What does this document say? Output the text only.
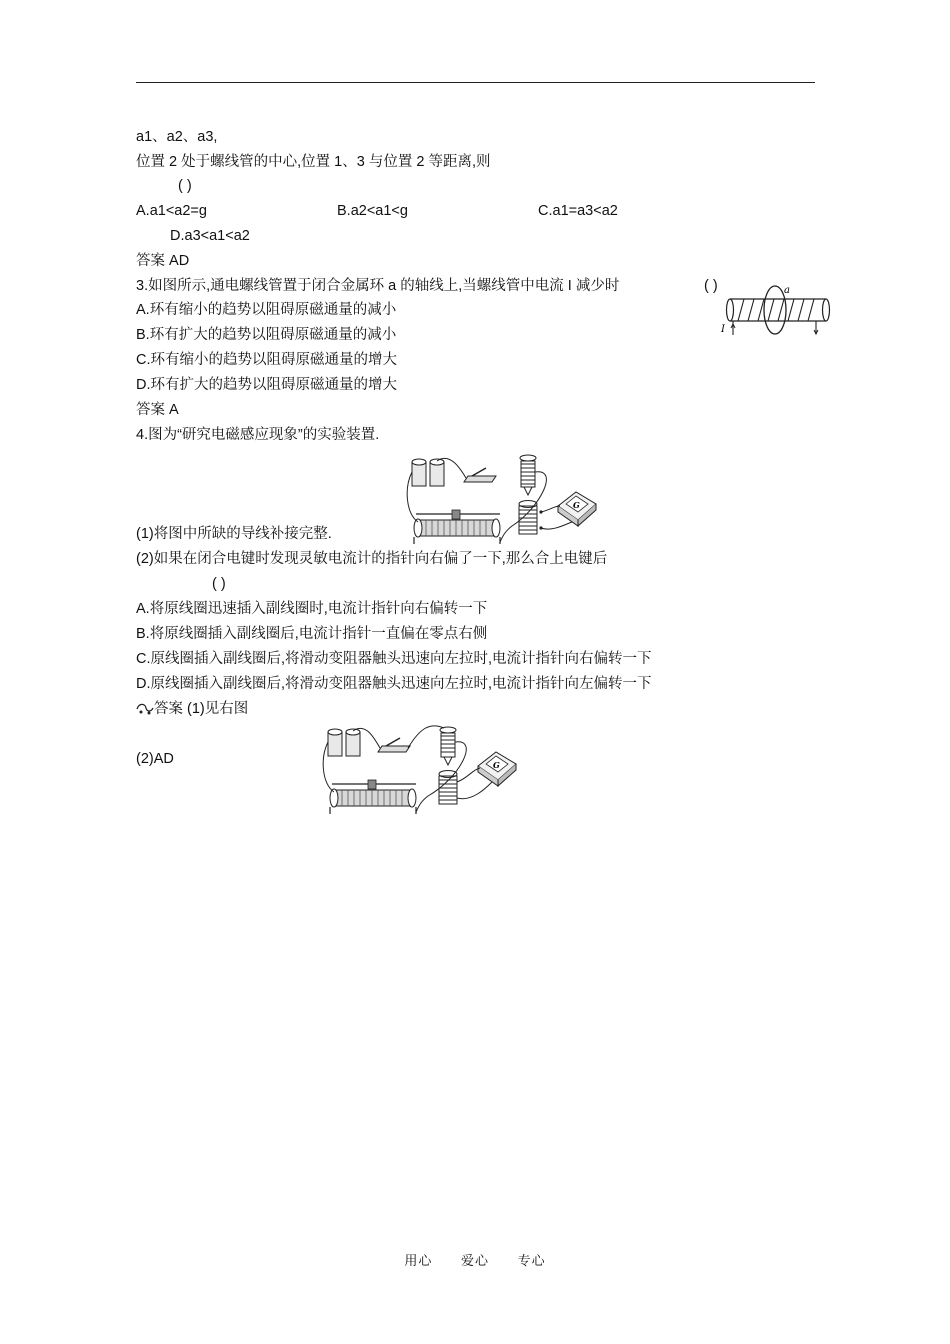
a1、a2、a3,
位置 2 处于螺线管的中心,位置 1、3 与位置 2 等距离,则
( )
A.a1<a2=g	B.a2<a1<g	C.a1=a3<a2
D.a3<a1<a2
答案 AD
3.如图所示,通电螺线管置于闭合金属环 a 的轴线上,当螺线管中电流 I 减少时	( )
A.环有缩小的趋势以阻碍原磁通量的减小
B.环有扩大的趋势以阻碍原磁通量的减小
C.环有缩小的趋势以阻碍原磁通量的增大
D.环有扩大的趋势以阻碍原磁通量的增大
答案 A
a
I
4.图为“研究电磁感应现象”的实验装置.
G
(1)将图中所缺的导线补接完整.
(2)如果在闭合电键时发现灵敏电流计的指针向右偏了一下,那么合上电键后
( )
A.将原线圈迅速插入副线圈时,电流计指针向右偏转一下
B.将原线圈插入副线圈后,电流计指针一直偏在零点右侧
C.原线圈插入副线圈后,将滑动变阻器触头迅速向左拉时,电流计指针向右偏转一下
D.原线圈插入副线圈后,将滑动变阻器触头迅速向左拉时,电流计指针向左偏转一下
答案 (1)见右图
(2)AD	G
用心 爱心 专心
